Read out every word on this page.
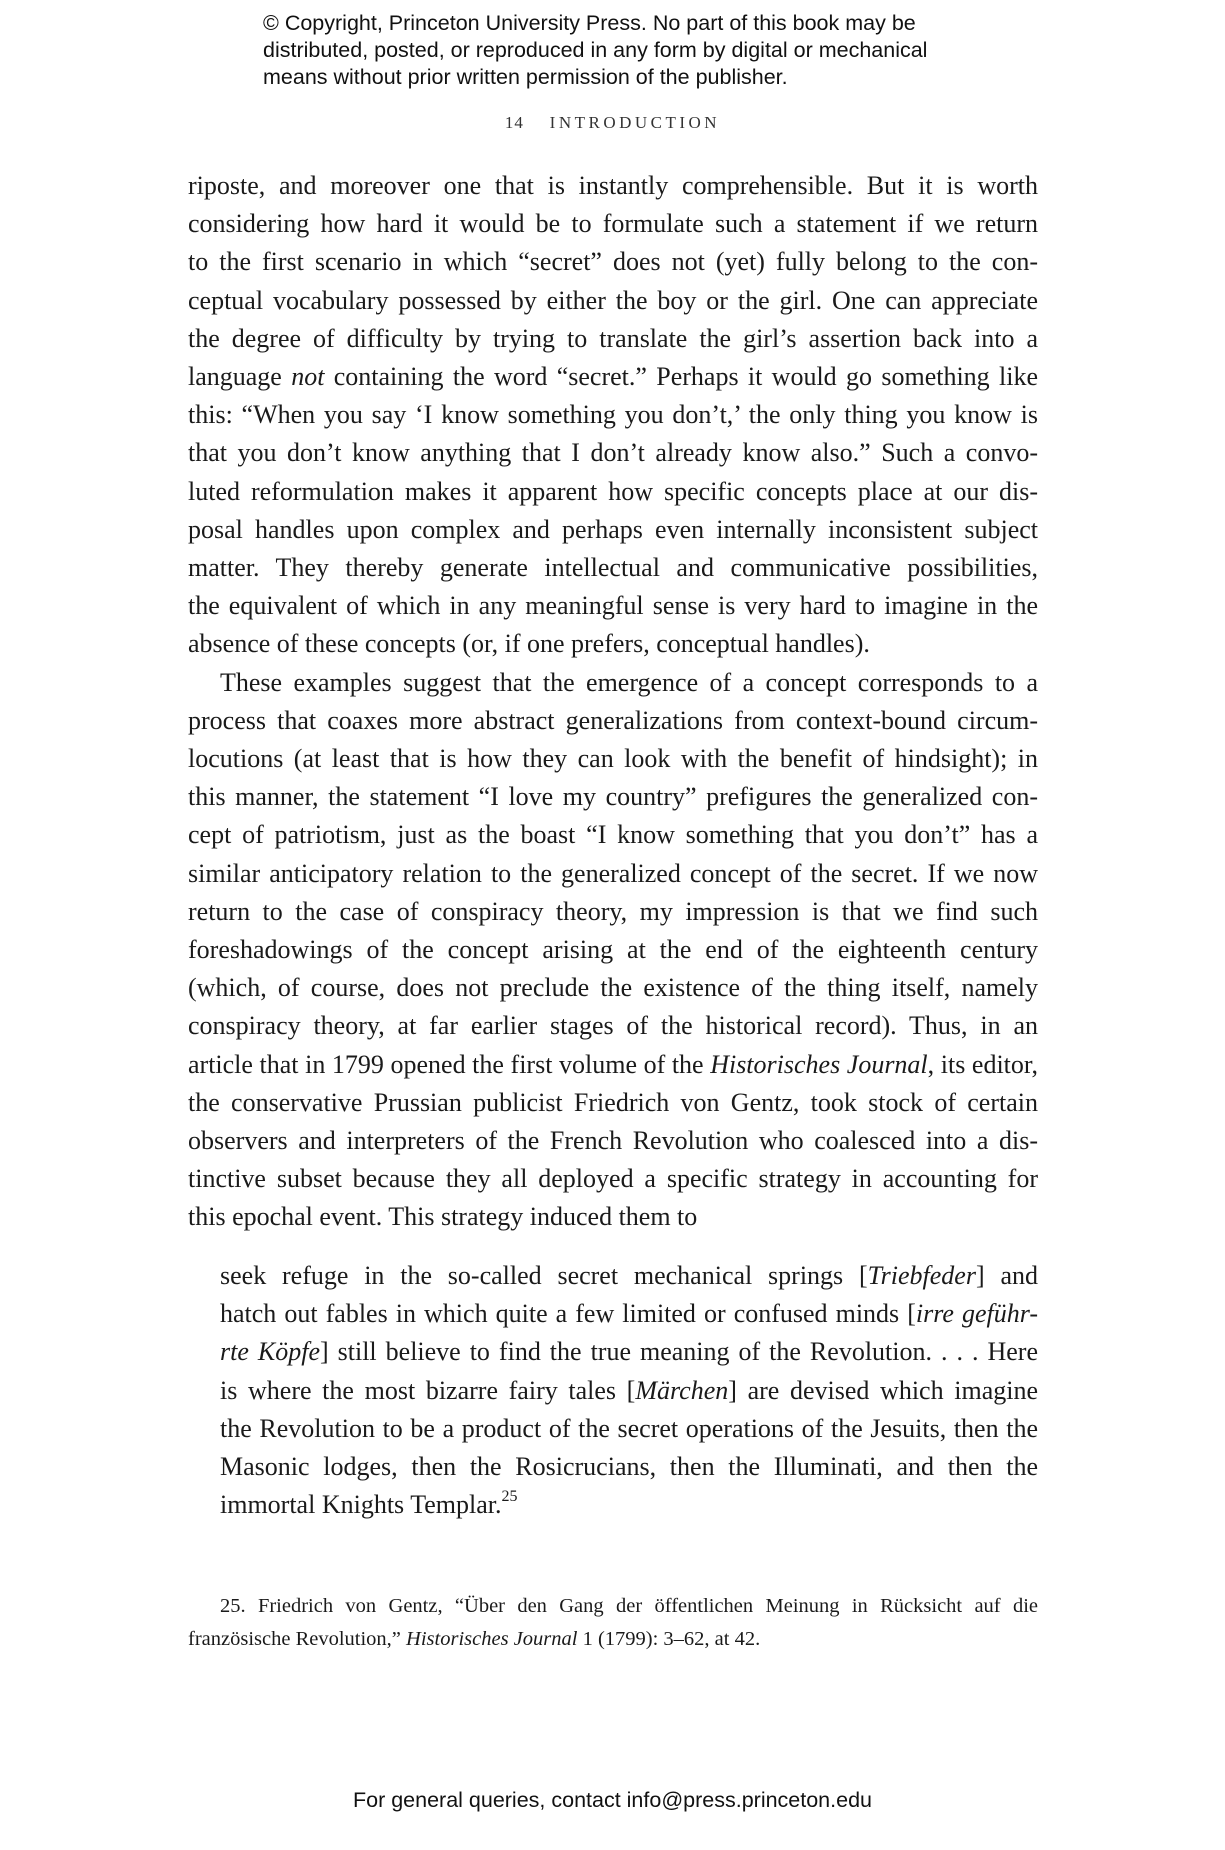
© Copyright, Princeton University Press. No part of this book may be
distributed, posted, or reproduced in any form by digital or mechanical
means without prior written permission of the publisher.
14 INTRODUCTION
riposte, and moreover one that is instantly comprehensible. But it is worth
considering how hard it would be to formulate such a statement if we return
to the first scenario in which “secret” does not (yet) fully belong to the con-
ceptual vocabulary possessed by either the boy or the girl. One can appreciate
the degree of difficulty by trying to translate the girl’s assertion back into a
language not containing the word “secret.” Perhaps it would go something like
this: “When you say ‘I know something you don’t,’ the only thing you know is
that you don’t know anything that I don’t already know also.” Such a convo-
luted reformulation makes it apparent how specific concepts place at our dis-
posal handles upon complex and perhaps even internally inconsistent subject
matter. They thereby generate intellectual and communicative possibilities,
the equivalent of which in any meaningful sense is very hard to imagine in the
absence of these concepts (or, if one prefers, conceptual handles).
These examples suggest that the emergence of a concept corresponds to a
process that coaxes more abstract generalizations from context-bound circum-
locutions (at least that is how they can look with the benefit of hindsight); in
this manner, the statement “I love my country” prefigures the generalized con-
cept of patriotism, just as the boast “I know something that you don’t” has a
similar anticipatory relation to the generalized concept of the secret. If we now
return to the case of conspiracy theory, my impression is that we find such
foreshadowings of the concept arising at the end of the eighteenth century
(which, of course, does not preclude the existence of the thing itself, namely
conspiracy theory, at far earlier stages of the historical record). Thus, in an
article that in 1799 opened the first volume of the Historisches Journal, its editor,
the conservative Prussian publicist Friedrich von Gentz, took stock of certain
observers and interpreters of the French Revolution who coalesced into a dis-
tinctive subset because they all deployed a specific strategy in accounting for
this epochal event. This strategy induced them to
seek refuge in the so-called secret mechanical springs [Triebfeder] and
hatch out fables in which quite a few limited or confused minds [irre geführ-
rte Köpfe] still believe to find the true meaning of the Revolution. . . . Here
is where the most bizarre fairy tales [Märchen] are devised which imagine
the Revolution to be a product of the secret operations of the Jesuits, then the
Masonic lodges, then the Rosicrucians, then the Illuminati, and then the
immortal Knights Templar.$^{25}$
25. Friedrich von Gentz, “Über den Gang der öffentlichen Meinung in Rücksicht auf die
französische Revolution,” Historisches Journal 1 (1799): 3–62, at 42.
For general queries, contact info@press.princeton.edu
